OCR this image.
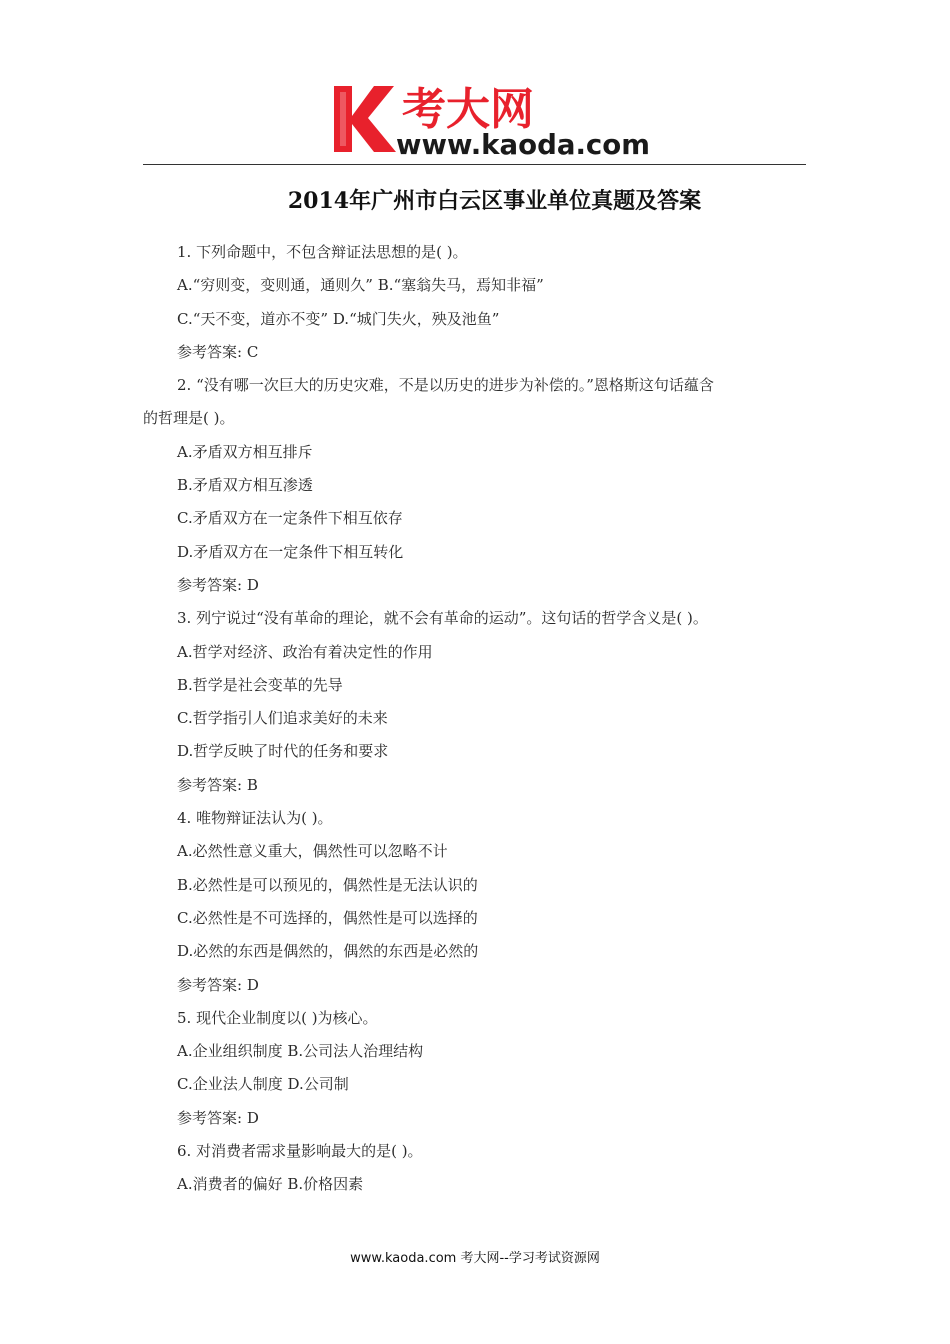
考大网
www.kaoda.com
2014年广州市白云区事业单位真题及答案
1. 下列命题中，不包含辩证法思想的是( )。
A.“穷则变，变则通，通则久” B.“塞翁失马，焉知非福”
C.“天不变，道亦不变” D.“城门失火，殃及池鱼”
参考答案: C
2. “没有哪一次巨大的历史灾难，不是以历史的进步为补偿的。”恩格斯这句话蕴含
的哲理是( )。
A.矛盾双方相互排斥
B.矛盾双方相互渗透
C.矛盾双方在一定条件下相互依存
D.矛盾双方在一定条件下相互转化
参考答案: D
3. 列宁说过“没有革命的理论，就不会有革命的运动”。这句话的哲学含义是( )。
A.哲学对经济、政治有着决定性的作用
B.哲学是社会变革的先导
C.哲学指引人们追求美好的未来
D.哲学反映了时代的任务和要求
参考答案: B
4. 唯物辩证法认为( )。
A.必然性意义重大，偶然性可以忽略不计
B.必然性是可以预见的，偶然性是无法认识的
C.必然性是不可选择的，偶然性是可以选择的
D.必然的东西是偶然的，偶然的东西是必然的
参考答案: D
5. 现代企业制度以( )为核心。
A.企业组织制度 B.公司法人治理结构
C.企业法人制度 D.公司制
参考答案: D
6. 对消费者需求量影响最大的是( )。
A.消费者的偏好 B.价格因素
www.kaoda.com 考大网--学习考试资源网
